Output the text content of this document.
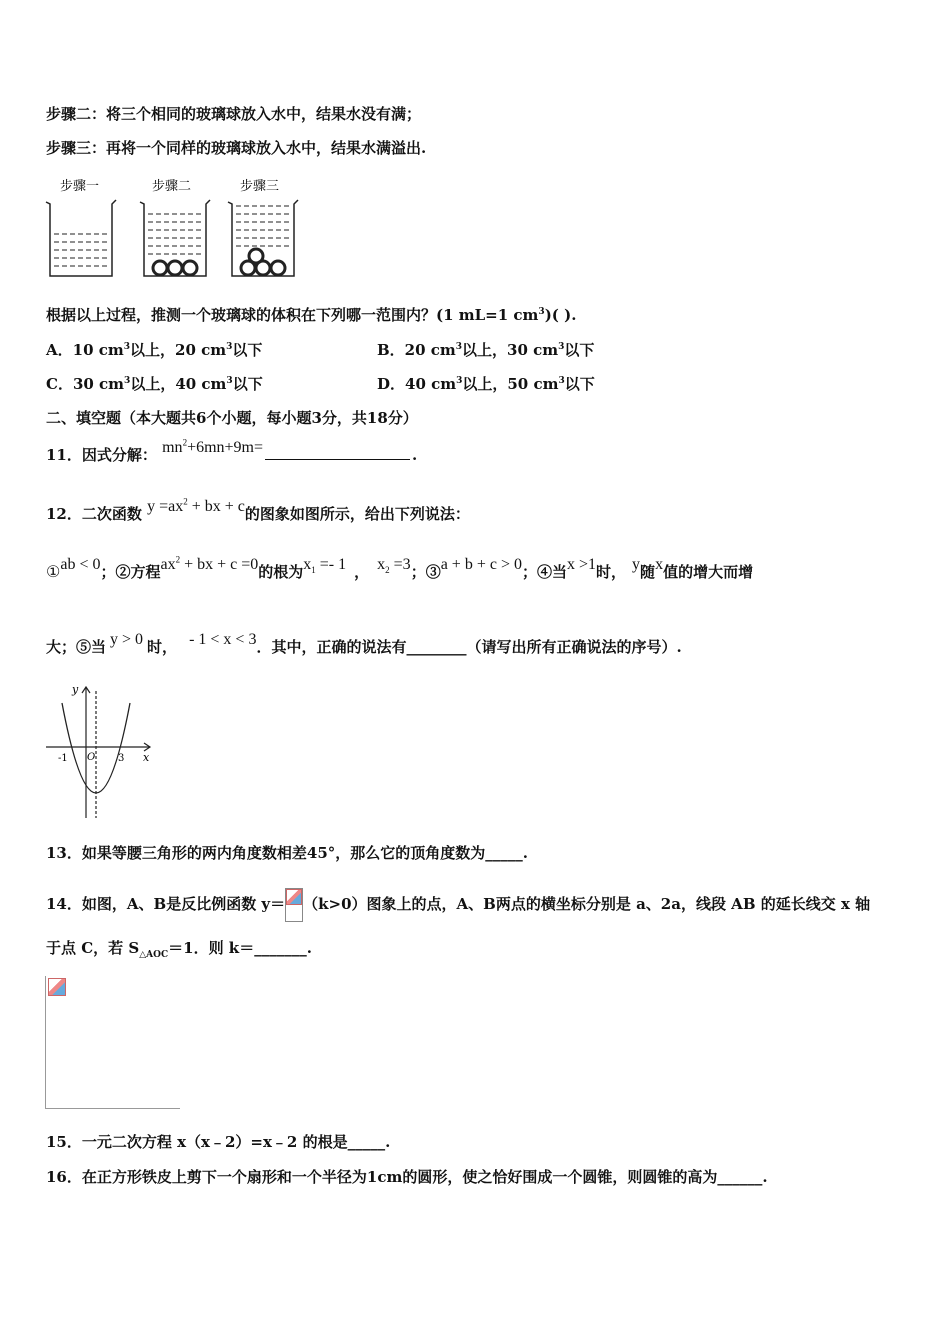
步骤二：将三个相同的玻璃球放入水中，结果水没有满；
步骤三：再将一个同样的玻璃球放入水中，结果水满溢出.
步骤一	步骤二	步骤三
根据以上过程，推测一个玻璃球的体积在下列哪一范围内？(1 mL=1 $cm^3$)( ).
A．10 $cm^3$以上，20 $cm^3$以下	B．20 $cm^3$以上，30 $cm^3$以下
C．30 $cm^3$以上，40 $cm^3$以下	D．40 $cm^3$以上，50 $cm^3$以下
二、填空题（本大题共6个小题，每小题3分，共18分）
11．因式分解： $mn^2+6mn+9m=$	.
12．二次函数 $y =ax^2$ + bx + c的图象如图所示，给出下列说法：
①ab < 0；②方程$ax^2$ + bx + c =0的根为$x_1 =- 1$ ， $x_2 =3$；③a + b + c > 0；④当x >1时， y随x值的增大而增
大；⑤当 y > 0 时， - 1 < x < 3．其中，正确的说法有________（请写出所有正确说法的序号）.
y
x
-1 O 3
13．如果等腰三角形的两内角度数相差45°，那么它的顶角度数为_____.
14．如图，A、B是反比例函数 y＝ （k>0）图象上的点，A、B两点的横坐标分别是 a、2a，线段 AB 的延长线交 x 轴
于点 C，若 $S_{\triangle AOC}=1$．则 k＝_______.
15．一元二次方程 x（x﹣2）=x﹣2 的根是_____.
16．在正方形铁皮上剪下一个扇形和一个半径为1cm的圆形，使之恰好围成一个圆锥，则圆锥的高为______.
